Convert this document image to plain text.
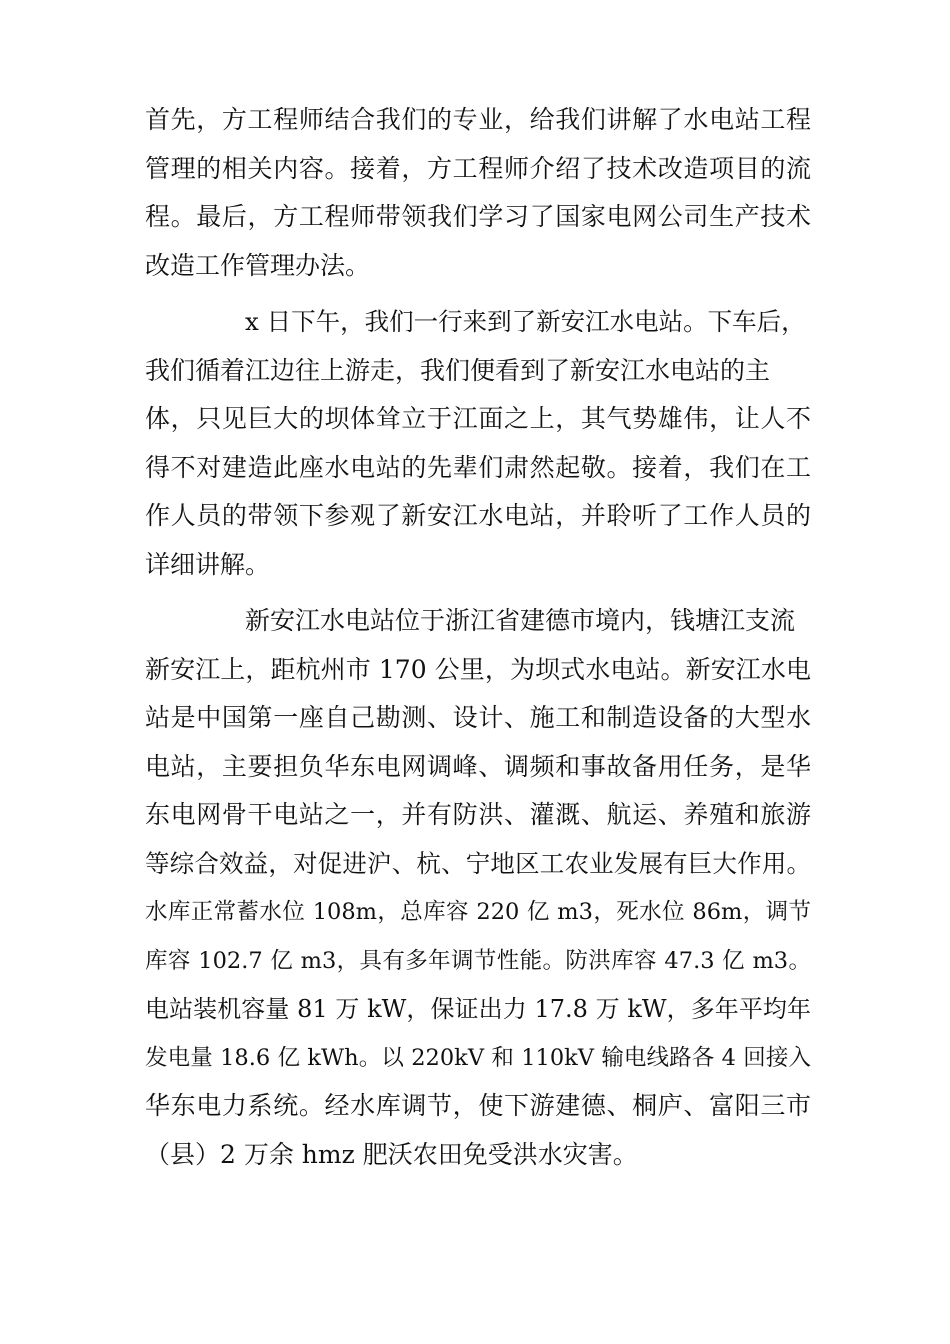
首先，方工程师结合我们的专业，给我们讲解了水电站工程
管理的相关内容。接着，方工程师介绍了技术改造项目的流
程。最后，方工程师带领我们学习了国家电网公司生产技术
改造工作管理办法。
x 日下午，我们一行来到了新安江水电站。下车后，
我们循着江边往上游走，我们便看到了新安江水电站的主
体，只见巨大的坝体耸立于江面之上，其气势雄伟，让人不
得不对建造此座水电站的先辈们肃然起敬。接着，我们在工
作人员的带领下参观了新安江水电站，并聆听了工作人员的
详细讲解。
新安江水电站位于浙江省建德市境内，钱塘江支流
新安江上，距杭州市 170 公里，为坝式水电站。新安江水电
站是中国第一座自己勘测、设计、施工和制造设备的大型水
电站，主要担负华东电网调峰、调频和事故备用任务，是华
东电网骨干电站之一，并有防洪、灌溉、航运、养殖和旅游
等综合效益，对促进沪、杭、宁地区工农业发展有巨大作用。
水库正常蓄水位 108m，总库容 220 亿 m3，死水位 86m，调节
库容 102.7 亿 m3，具有多年调节性能。防洪库容 47.3 亿 m3。
电站装机容量 81 万 kW，保证出力 17.8 万 kW，多年平均年
发电量 18.6 亿 kWh。以 220kV 和 110kV 输电线路各 4 回接入
华东电力系统。经水库调节，使下游建德、桐庐、富阳三市
（县）2 万余 hmz 肥沃农田免受洪水灾害。
